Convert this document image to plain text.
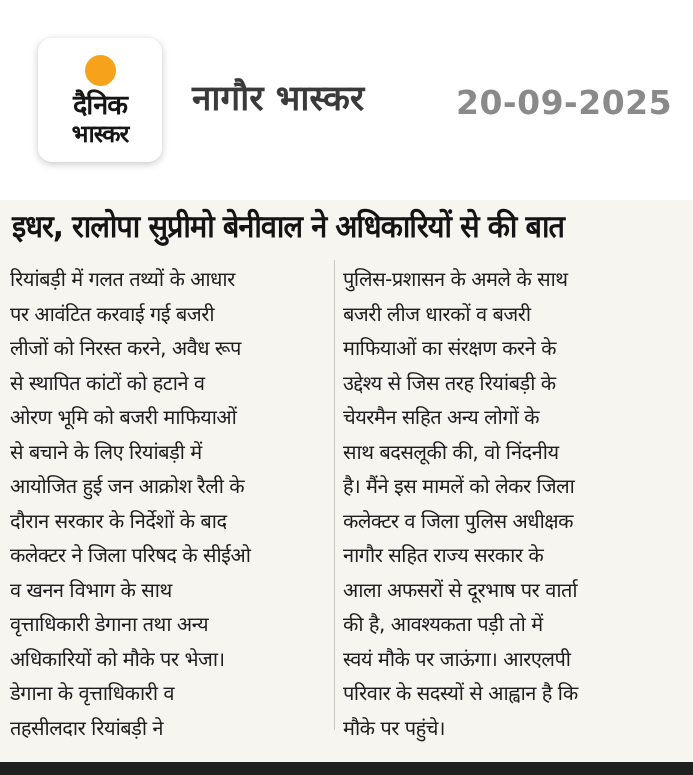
दैनिक
भास्कर
नागौर भास्कर	20-09-2025
इधर, रालोपा सुप्रीमो बेनीवाल ने अधिकारियों से की बात
रियांबड़ी में गलत तथ्यों के आधार
पर आवंटित करवाई गई बजरी
लीजों को निरस्त करने, अवैध रूप
से स्थापित कांटों को हटाने व
ओरण भूमि को बजरी माफियाओं
से बचाने के लिए रियांबड़ी में
आयोजित हुई जन आक्रोश रैली के
दौरान सरकार के निर्देशों के बाद
कलेक्टर ने जिला परिषद के सीईओ
व खनन विभाग के साथ
वृत्ताधिकारी डेगाना तथा अन्य
अधिकारियों को मौके पर भेजा।
डेगाना के वृत्ताधिकारी व
तहसीलदार रियांबड़ी ने
पुलिस-प्रशासन के अमले के साथ
बजरी लीज धारकों व बजरी
माफियाओं का संरक्षण करने के
उद्देश्य से जिस तरह रियांबड़ी के
चेयरमैन सहित अन्य लोगों के
साथ बदसलूकी की, वो निंदनीय
है। मैंने इस मामलें को लेकर जिला
कलेक्टर व जिला पुलिस अधीक्षक
नागौर सहित राज्य सरकार के
आला अफसरों से दूरभाष पर वार्ता
की है, आवश्यकता पड़ी तो में
स्वयं मौके पर जाऊंगा। आरएलपी
परिवार के सदस्यों से आह्वान है कि
मौके पर पहुंचे।
